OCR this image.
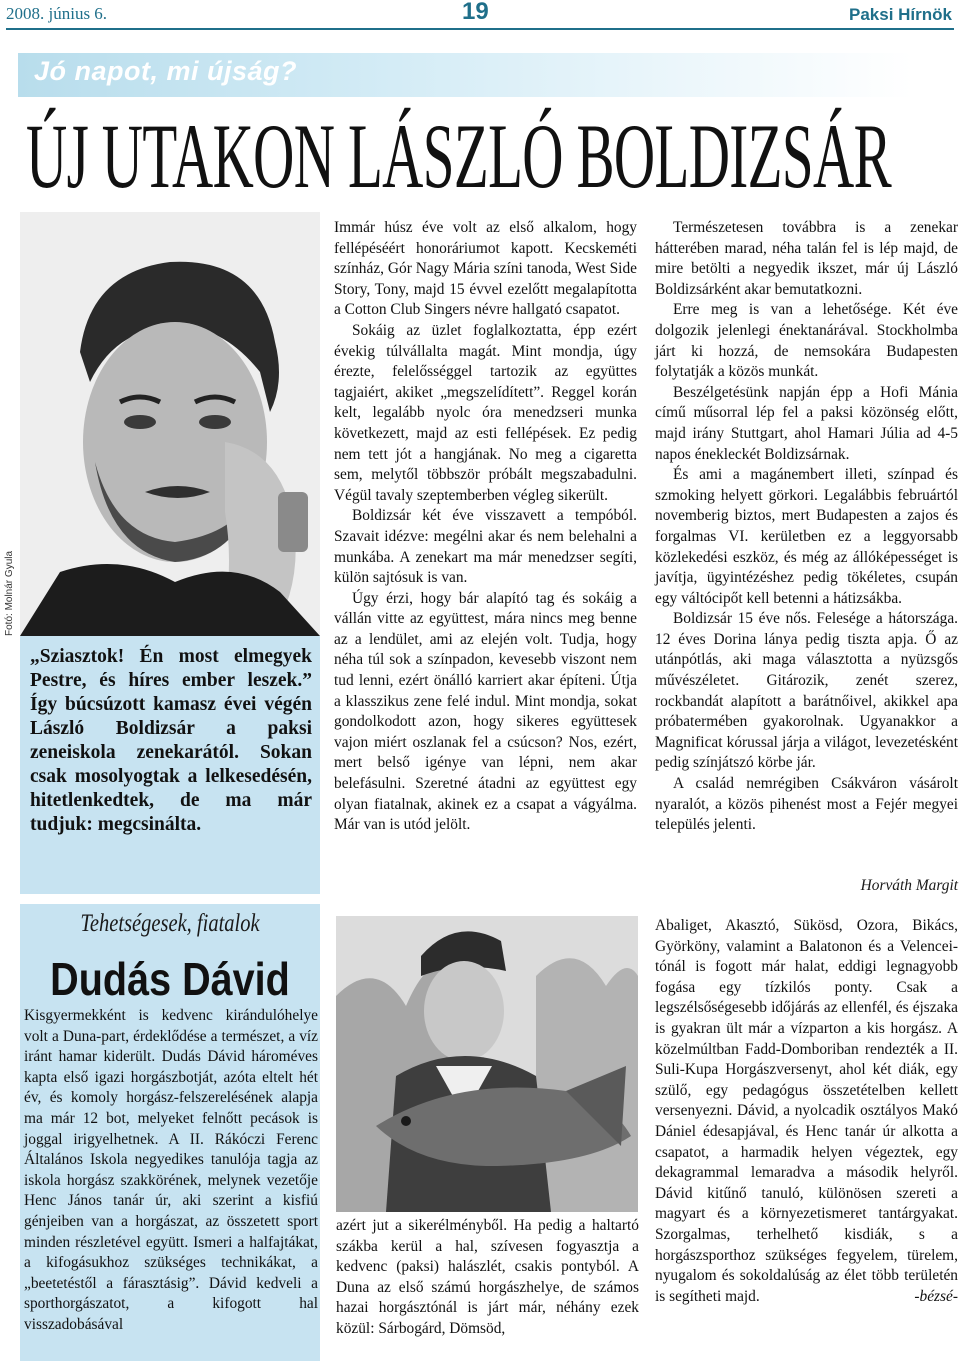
2008. június 6.	19	Paksi Hírnök
Jó napot, mi újság?
ÚJ UTAKON LÁSZLÓ BOLDIZSÁR
Fotó: Molnár Gyula
„Sziasztok! Én most elmegyek Pestre, és híres ember leszek.” Így búcsúzott kamasz évei végén László Boldizsár a paksi zeneiskola zenekarától. Sokan csak mosolyogtak a lelkesedésén, hitetlenkedtek, de ma már tudjuk: megcsinálta.

Immár húsz éve volt az első alkalom, hogy fellépéséért honoráriumot kapott. Kecskeméti színház, Gór Nagy Mária színi tanoda, West Side Story, Tony, majd 15 évvel ezelőtt megalapította a Cotton Club Singers névre hallgató csapatot.

Sokáig az üzlet foglalkoztatta, épp ezért évekig túlvállalta magát. Mint mondja, úgy érezte, felelősséggel tartozik az együttes tagjaiért, akiket „megszelídített”. Reggel korán kelt, legalább nyolc óra menedzseri munka következett, majd az esti fellépések. Ez pedig nem tett jót a hangjának. No meg a cigaretta sem, melytől többször próbált megszabadulni. Végül tavaly szeptemberben végleg sikerült.

Boldizsár két éve visszavett a tempóból. Szavait idézve: megélni akar és nem belehalni a munkába. A zenekart ma már menedzser segíti, külön sajtósuk is van.

Úgy érzi, hogy bár alapító tag és sokáig a vállán vitte az együttest, mára nincs meg benne az a lendület, ami az elején volt. Tudja, hogy néha túl sok a színpadon, kevesebb viszont nem tud lenni, ezért önálló karriert akar építeni. Útja a klasszikus zene felé indul. Mint mondja, sokat gondolkodott azon, hogy sikeres együttesek vajon miért oszlanak fel a csúcson? Nos, ezért, mert belső igénye van lépni, nem akar belefásulni. Szeretné átadni az együttest egy olyan fiatalnak, akinek ez a csapat a vágyálma. Már van is utód jelölt.

Természetesen továbbra is a zenekar hátterében marad, néha talán fel is lép majd, de mire betölti a negyedik ikszet, már új László Boldizsárként akar bemutatkozni.

Erre meg is van a lehetősége. Két éve dolgozik jelenlegi énektanárával. Stockholmba járt ki hozzá, de nemsokára Budapesten folytatják a közös munkát.

Beszélgetésünk napján épp a Hofi Mánia című műsorral lép fel a paksi közönség előtt, majd irány Stuttgart, ahol Hamari Júlia ad 4-5 napos énekleckét Boldizsárnak.

És ami a magánembert illeti, színpad és szmoking helyett görkori. Legalábbis februártól novemberig biztos, mert Budapesten a zajos és forgalmas VI. kerületben ez a leggyorsabb közlekedési eszköz, és még az állóképességet is javítja, ügyintézéshez pedig tökéletes, csupán egy váltócipőt kell betenni a hátizsákba.

Boldizsár 15 éve nős. Felesége a hátországa. 12 éves Dorina lánya pedig tiszta apja. Ő az utánpótlás, aki maga választotta a nyüzsgős művészéletet. Gitározik, zenét szerez, rockbandát alapított a barátnőivel, akikkel apa próbatermében gyakorolnak. Ugyanakkor a Magnificat kórussal járja a világot, levezetésként pedig színjátszó körbe jár.

A család nemrégiben Csákváron vásárolt nyaralót, a közös pihenést most a Fejér megyei település jelenti.

Horváth Margit
Tehetségesek, fiatalok
Dudás Dávid

Kisgyermekként is kedvenc kirándulóhelye volt a Duna-part, érdeklődése a természet, a víz iránt hamar kiderült. Dudás Dávid hároméves kapta első igazi horgászbotját, azóta eltelt hét év, és komoly horgász-felszerelésének alapja ma már 12 bot, melyeket felnőtt pecások is joggal irigyelhetnek. A II. Rákóczi Ferenc Általános Iskola negyedikes tanulója tagja az iskola horgász szakkörének, melynek vezetője Henc János tanár úr, aki szerint a kisfiú génjeiben van a horgászat, az összetett sport minden részletével együtt. Ismeri a halfajtákat, a kifogásukhoz szükséges technikákat, a „beetetéstől a fárasztásig”. Dávid kedveli a sporthorgászatot, a kifogott hal visszadobásával

azért jut a sikerélményből. Ha pedig a haltartó szákba kerül a hal, szívesen fogyasztja a kedvenc (paksi) halászlét, csakis pontyból. A Duna az első számú horgászhelye, de számos hazai horgásztónál is járt már, néhány ezek közül: Sárbogárd, Dömsöd,

Abaliget, Akasztó, Sükösd, Ozora, Bikács, Györköny, valamint a Balatonon és a Velencei-tónál is fogott már halat, eddigi legnagyobb fogása egy tízkilós ponty. Csak a legszélsőségesebb időjárás az ellenfél, és éjszaka is gyakran ült már a vízparton a kis horgász. A közelmúltban Fadd-Domboriban rendezték a II. Suli-Kupa Horgászversenyt, ahol két diák, egy szülő, egy pedagógus összetételben kellett versenyezni. Dávid, a nyolcadik osztályos Makó Dániel édesapjával, és Henc tanár úr alkotta a csapatot, a harmadik helyen végeztek, egy dekagrammal lemaradva a második helyről. Dávid kitűnő tanuló, különösen szereti a magyart és a környezetismeret tantárgyakat. Szorgalmas, terhelhető kisdiák, s a horgászsporthoz szükséges fegyelem, türelem, nyugalom és sokoldalúság az élet több területén is segítheti majd.	-bézsé-
